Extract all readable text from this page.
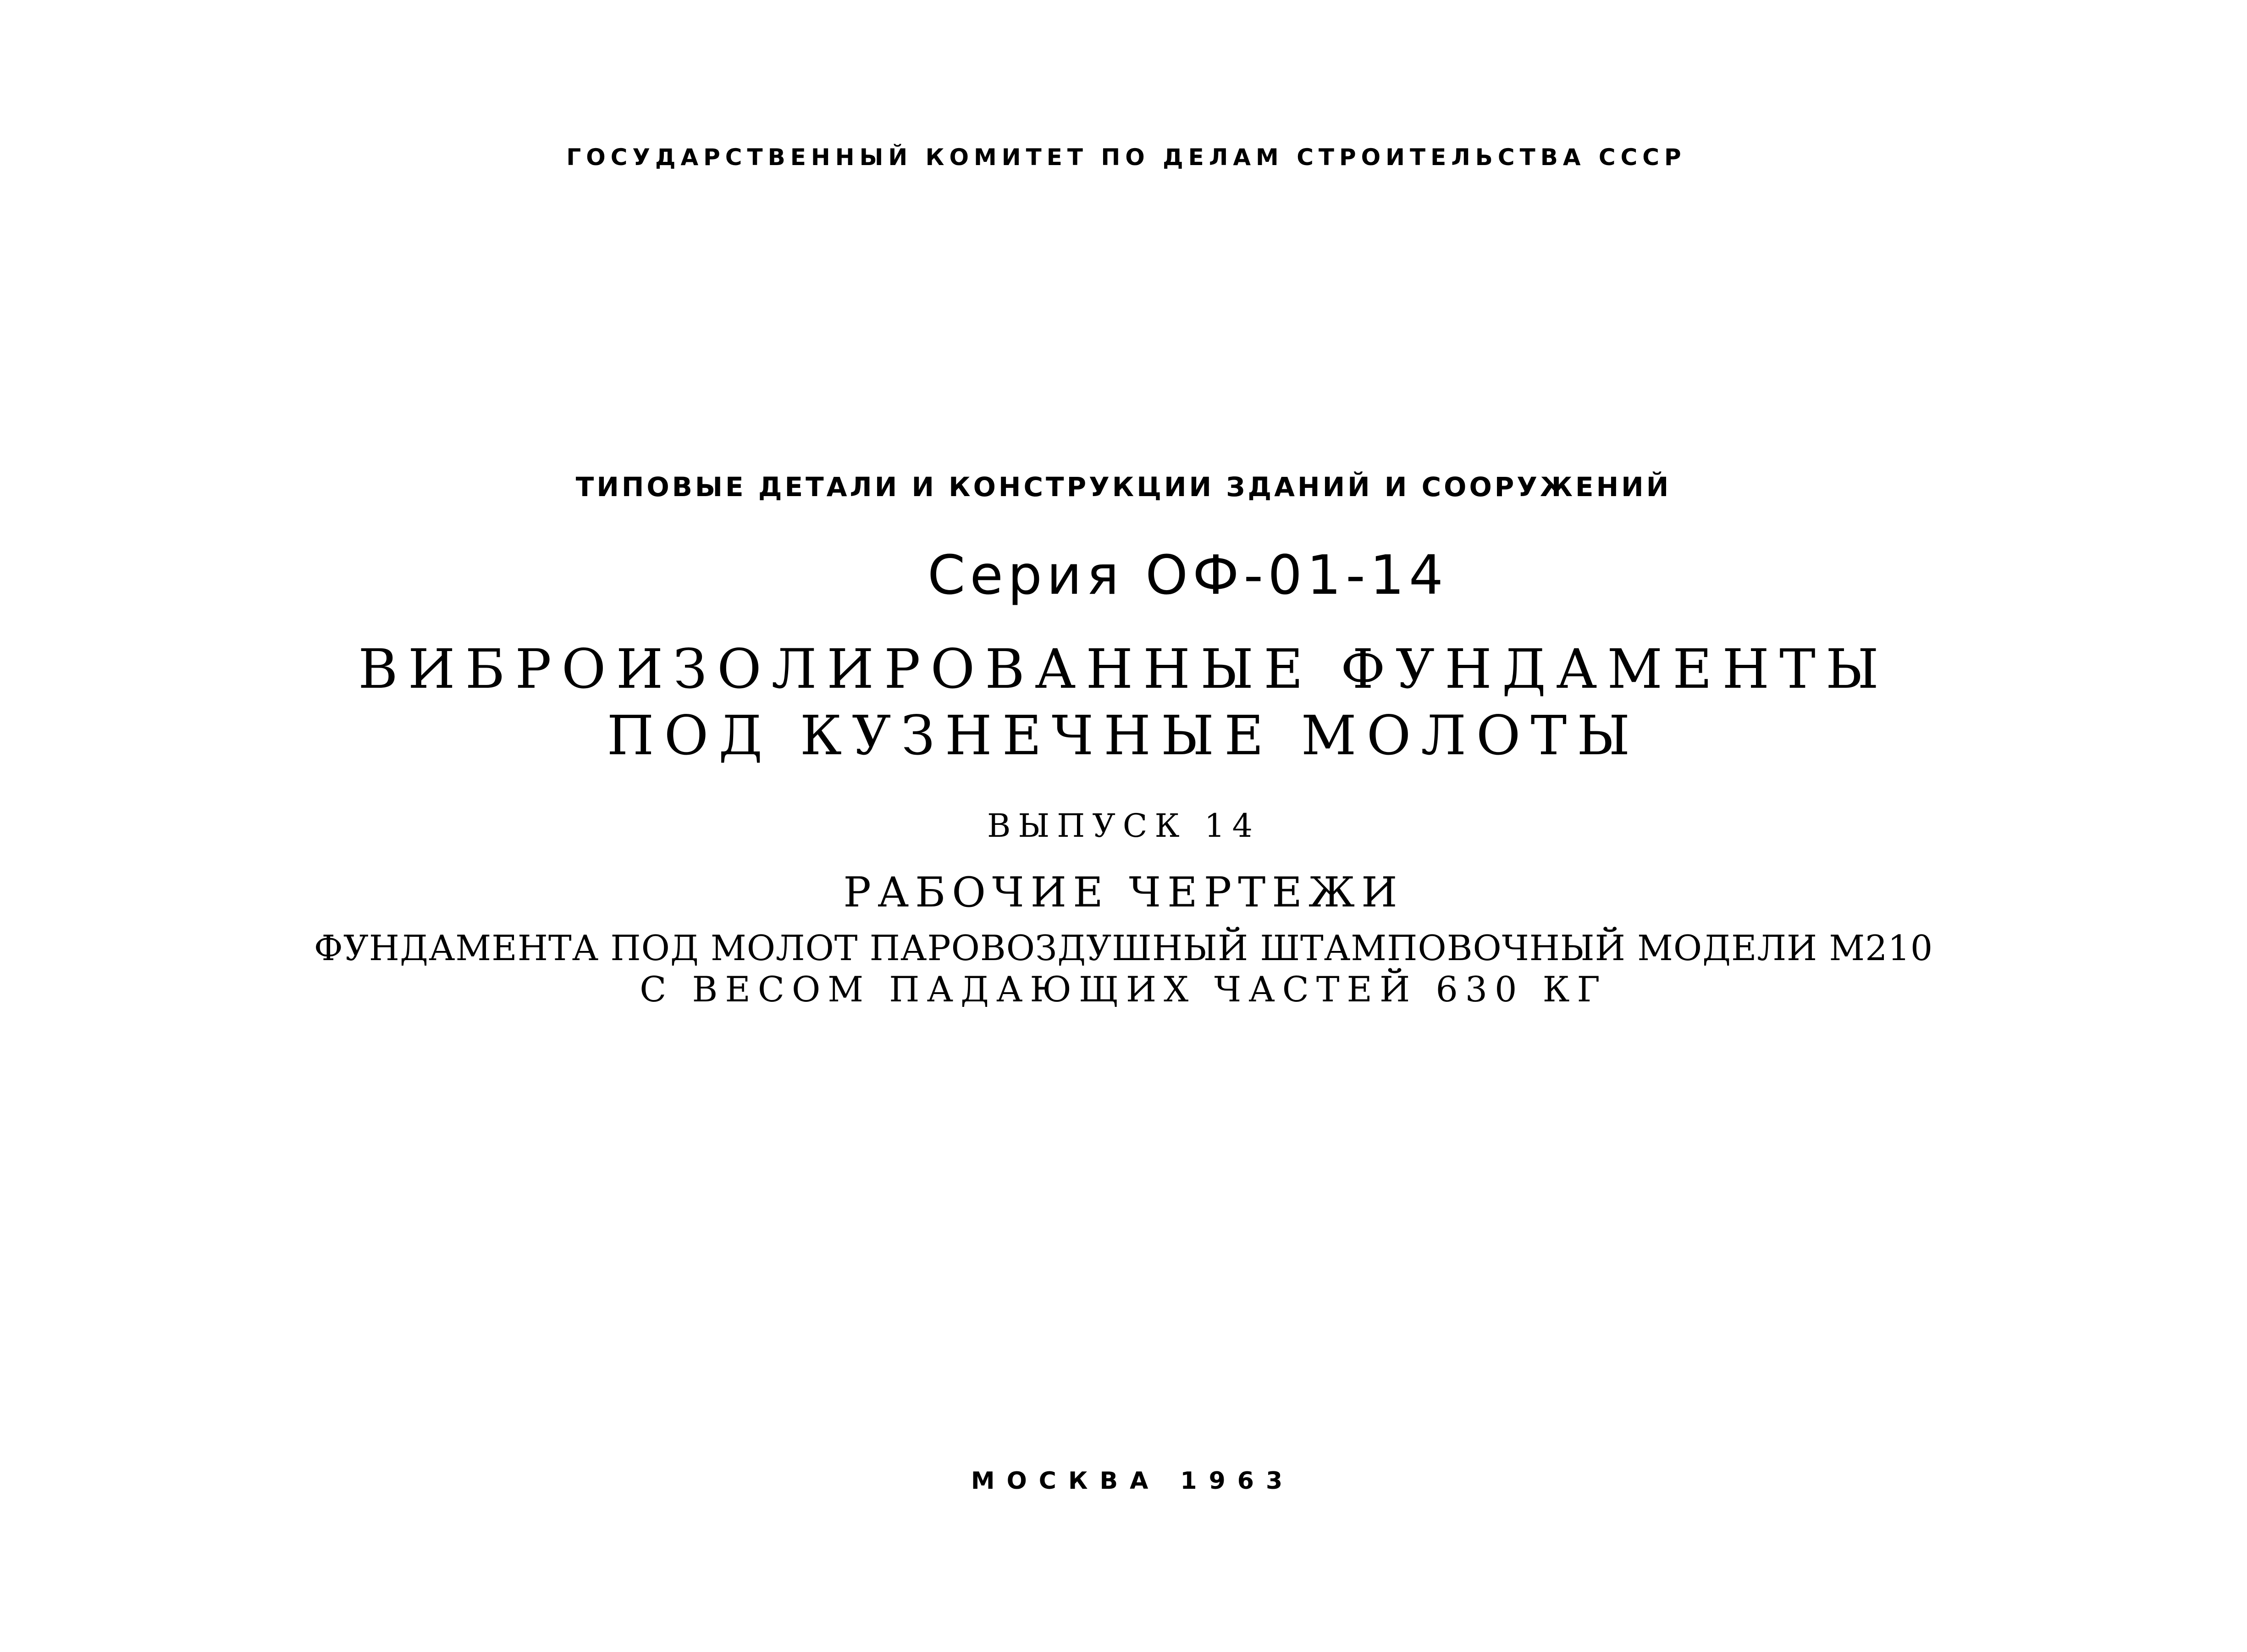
ГОСУДАРСТВЕННЫЙ КОМИТЕТ ПО ДЕЛАМ СТРОИТЕЛЬСТВА СССР
ТИПОВЫЕ ДЕТАЛИ И КОНСТРУКЦИИ ЗДАНИЙ И СООРУЖЕНИЙ
Серия ОФ-01-14
ВИБРОИЗОЛИРОВАННЫЕ ФУНДАМЕНТЫ
ПОД КУЗНЕЧНЫЕ МОЛОТЫ
ВЫПУСК 14
РАБОЧИЕ ЧЕРТЕЖИ
ФУНДАМЕНТА ПОД МОЛОТ ПАРОВОЗДУШНЫЙ ШТАМПОВОЧНЫЙ МОДЕЛИ М210
С ВЕСОМ ПАДАЮЩИХ ЧАСТЕЙ 630 КГ
МОСКВА 1963
